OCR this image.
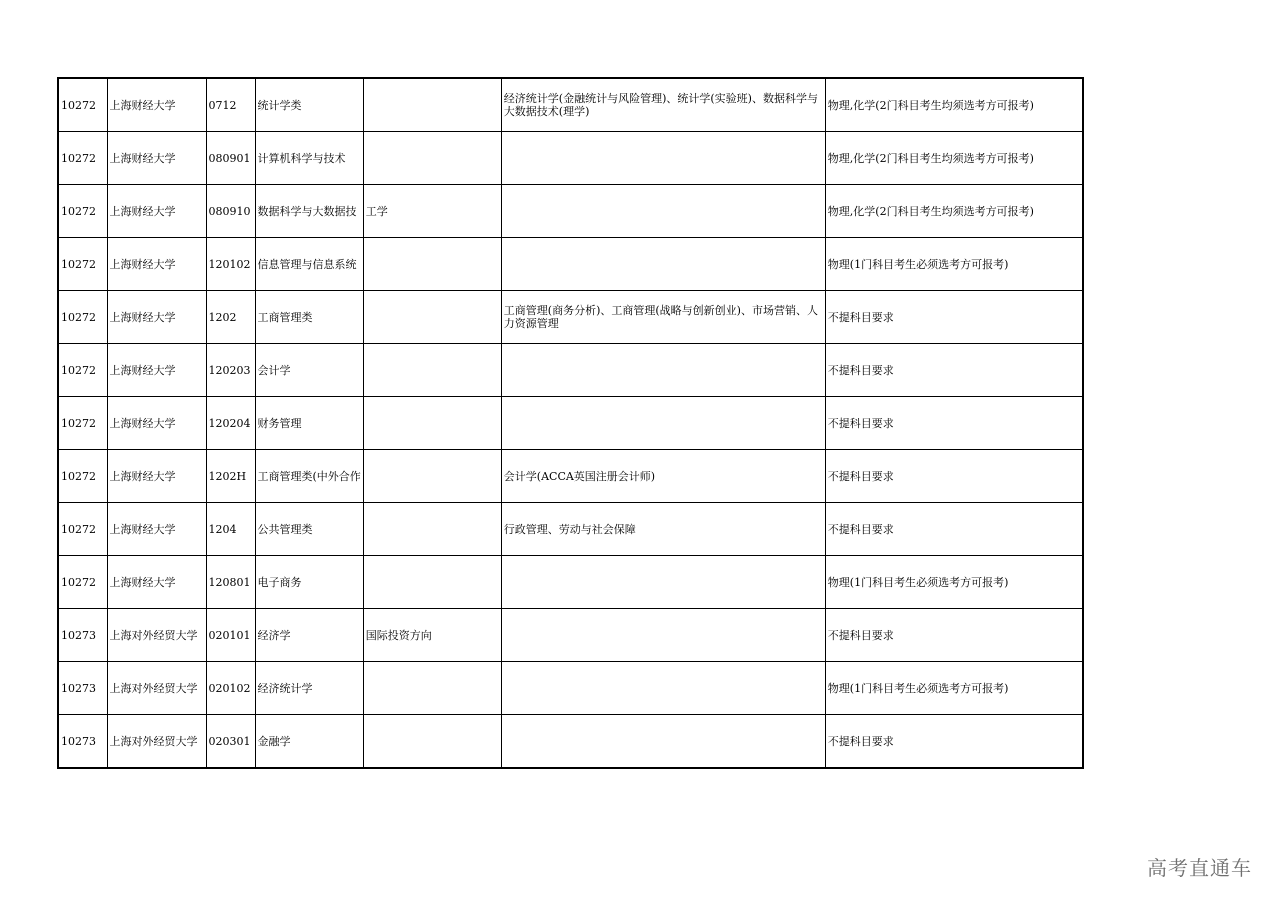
10272	上海财经大学	0712	统计学类		经济统计学(金融统计与风险管理)、统计学(实验班)、数据科学与大数据技术(理学)	物理,化学(2门科目考生均须选考方可报考)
10272	上海财经大学	080901	计算机科学与技术			物理,化学(2门科目考生均须选考方可报考)
10272	上海财经大学	080910	数据科学与大数据技	工学		物理,化学(2门科目考生均须选考方可报考)
10272	上海财经大学	120102	信息管理与信息系统			物理(1门科目考生必须选考方可报考)
10272	上海财经大学	1202	工商管理类		工商管理(商务分析)、工商管理(战略与创新创业)、市场营销、人力资源管理	不提科目要求
10272	上海财经大学	120203	会计学			不提科目要求
10272	上海财经大学	120204	财务管理			不提科目要求
10272	上海财经大学	1202H	工商管理类(中外合作		会计学(ACCA英国注册会计师)	不提科目要求
10272	上海财经大学	1204	公共管理类		行政管理、劳动与社会保障	不提科目要求
10272	上海财经大学	120801	电子商务			物理(1门科目考生必须选考方可报考)
10273	上海对外经贸大学	020101	经济学	国际投资方向		不提科目要求
10273	上海对外经贸大学	020102	经济统计学			物理(1门科目考生必须选考方可报考)
10273	上海对外经贸大学	020301	金融学			不提科目要求
高考直通车
